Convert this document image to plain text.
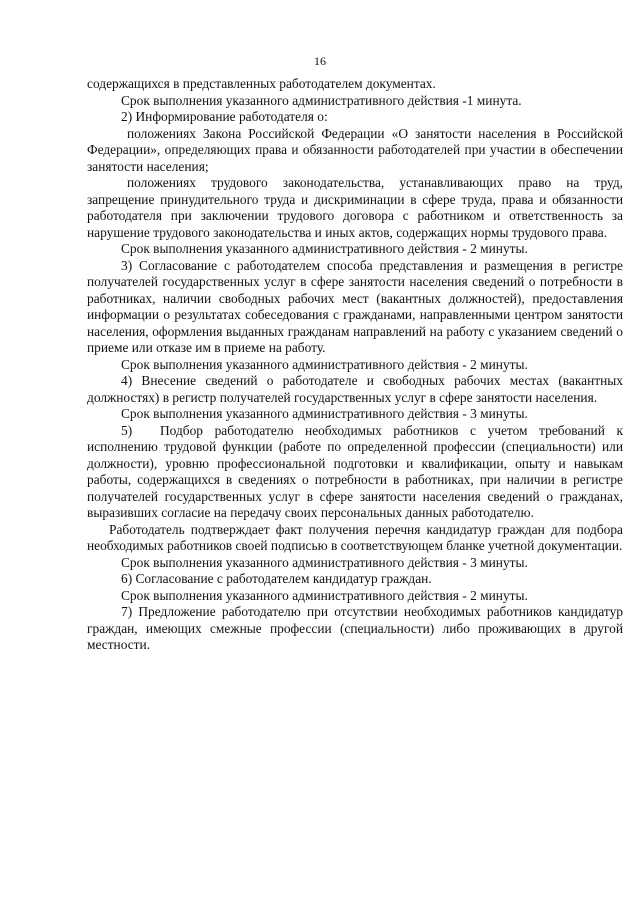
16

содержащихся в представленных работодателем документах.

Срок выполнения указанного административного действия -1 минута.

2) Информирование работодателя о:

положениях Закона Российской Федерации «О занятости населения в Российской Федерации», определяющих права и обязанности работодателей при участии в обеспечении занятости населения;

положениях трудового законодательства, устанавливающих право на труд, запрещение принудительного труда и дискриминации в сфере труда, права и обязанности работодателя при заключении трудового договора с работником и ответственность за нарушение трудового законодательства и иных актов, содержащих нормы трудового права.

Срок выполнения указанного административного действия - 2 минуты.

3) Согласование с работодателем способа представления и размещения в регистре получателей государственных услуг в сфере занятости населения сведений о потребности в работниках, наличии свободных рабочих мест (вакантных должностей), предоставления информации о результатах собеседования с гражданами, направленными центром занятости населения, оформления выданных гражданам направлений на работу с указанием сведений о приеме или отказе им в приеме на работу.

Срок выполнения указанного административного действия - 2 минуты.

4) Внесение сведений о работодателе и свободных рабочих местах (вакантных должностях) в регистр получателей государственных услуг в сфере занятости населения.

Срок выполнения указанного административного действия - 3 минуты.

5) Подбор работодателю необходимых работников с учетом требований к исполнению трудовой функции (работе по определенной профессии (специальности) или должности), уровню профессиональной подготовки и квалификации, опыту и навыкам работы, содержащихся в сведениях о потребности в работниках, при наличии в регистре получателей государственных услуг в сфере занятости населения сведений о гражданах, выразивших согласие на передачу своих персональных данных работодателю.

Работодатель подтверждает факт получения перечня кандидатур граждан для подбора необходимых работников своей подписью в соответствующем бланке учетной документации.

Срок выполнения указанного административного действия - 3 минуты.

6) Согласование с работодателем кандидатур граждан.

Срок выполнения указанного административного действия - 2 минуты.

7) Предложение работодателю при отсутствии необходимых работников кандидатур граждан, имеющих смежные профессии (специальности) либо проживающих в другой местности.
